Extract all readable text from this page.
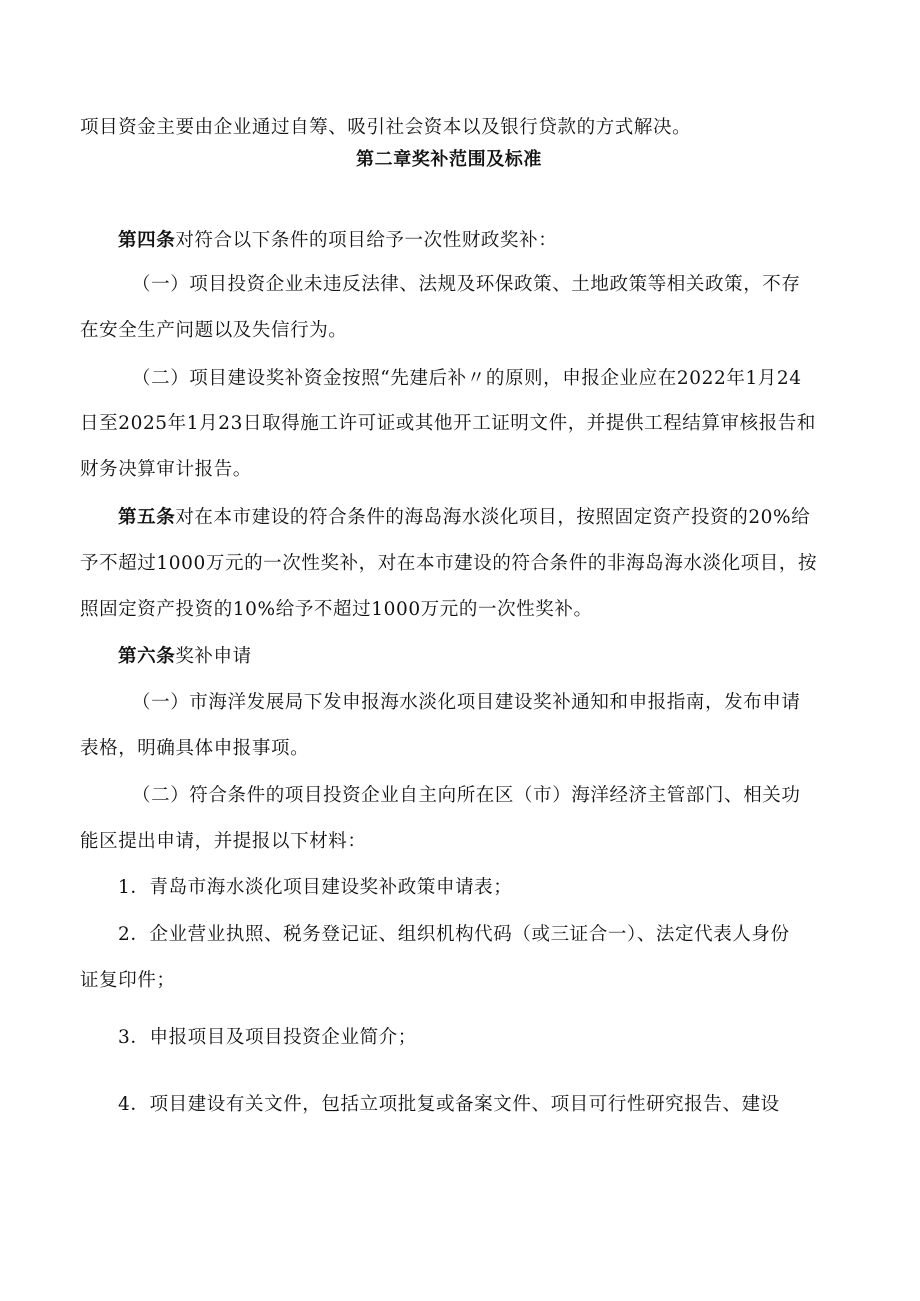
项目资金主要由企业通过自筹、吸引社会资本以及银行贷款的方式解决。
第二章奖补范围及标准
第四条对符合以下条件的项目给予一次性财政奖补：
（一）项目投资企业未违反法律、法规及环保政策、土地政策等相关政策，不存
在安全生产问题以及失信行为。
（二）项目建设奖补资金按照“先建后补〃的原则，申报企业应在2022年1月24
日至2025年1月23日取得施工许可证或其他开工证明文件，并提供工程结算审核报告和
财务决算审计报告。
第五条对在本市建设的符合条件的海岛海水淡化项目，按照固定资产投资的20%给
予不超过1000万元的一次性奖补，对在本市建设的符合条件的非海岛海水淡化项目，按
照固定资产投资的10%给予不超过1000万元的一次性奖补。
第六条奖补申请
（一）市海洋发展局下发申报海水淡化项目建设奖补通知和申报指南，发布申请
表格，明确具体申报事项。
（二）符合条件的项目投资企业自主向所在区（市）海洋经济主管部门、相关功
能区提出申请，并提报以下材料：
1．青岛市海水淡化项目建设奖补政策申请表；
2．企业营业执照、税务登记证、组织机构代码（或三证合一）、法定代表人身份
证复印件；
3．申报项目及项目投资企业简介；
4．项目建设有关文件，包括立项批复或备案文件、项目可行性研究报告、建设
